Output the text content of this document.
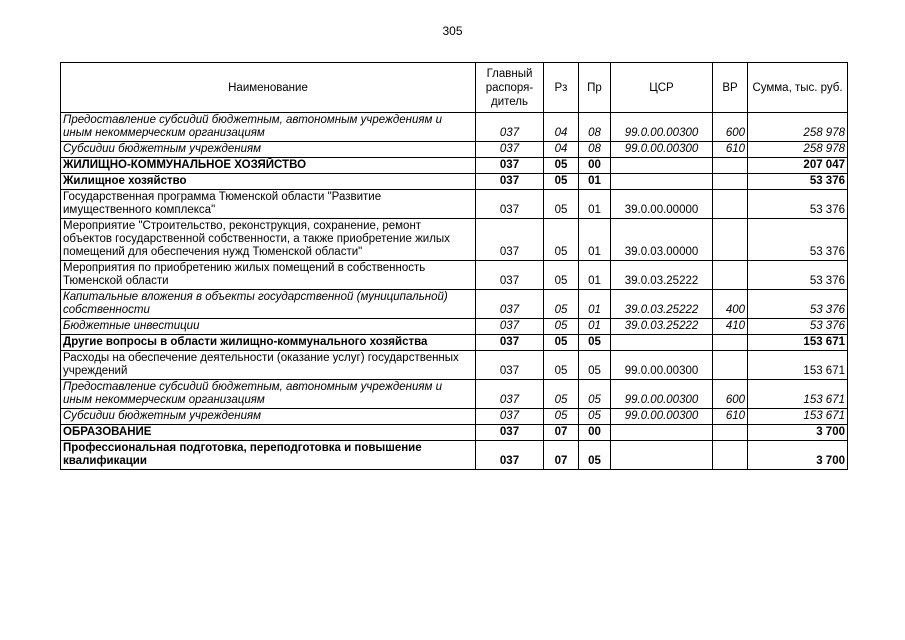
305
Наименование	Главный распоря-дитель	Рз	Пр	ЦСР	ВР	Сумма, тыс. руб.
Предоставление субсидий бюджетным, автономным учреждениям и иным некоммерческим организациям	037	04	08	99.0.00.00300	600	258 978
Субсидии бюджетным учреждениям	037	04	08	99.0.00.00300	610	258 978
ЖИЛИЩНО-КОММУНАЛЬНОЕ ХОЗЯЙСТВО	037	05	00			207 047
Жилищное хозяйство	037	05	01			53 376
Государственная программа Тюменской области "Развитие имущественного комплекса"	037	05	01	39.0.00.00000		53 376
Мероприятие "Строительство, реконструкция, сохранение, ремонт объектов государственной собственности, а также приобретение жилых помещений для обеспечения нужд Тюменской области"	037	05	01	39.0.03.00000		53 376
Мероприятия по приобретению жилых помещений в собственность Тюменской области	037	05	01	39.0.03.25222		53 376
Капитальные вложения в объекты государственной (муниципальной) собственности	037	05	01	39.0.03.25222	400	53 376
Бюджетные инвестиции	037	05	01	39.0.03.25222	410	53 376
Другие вопросы в области жилищно-коммунального хозяйства	037	05	05			153 671
Расходы на обеспечение деятельности (оказание услуг) государственных учреждений	037	05	05	99.0.00.00300		153 671
Предоставление субсидий бюджетным, автономным учреждениям и иным некоммерческим организациям	037	05	05	99.0.00.00300	600	153 671
Субсидии бюджетным учреждениям	037	05	05	99.0.00.00300	610	153 671
ОБРАЗОВАНИЕ	037	07	00			3 700
Профессиональная подготовка, переподготовка и повышение квалификации	037	07	05			3 700
